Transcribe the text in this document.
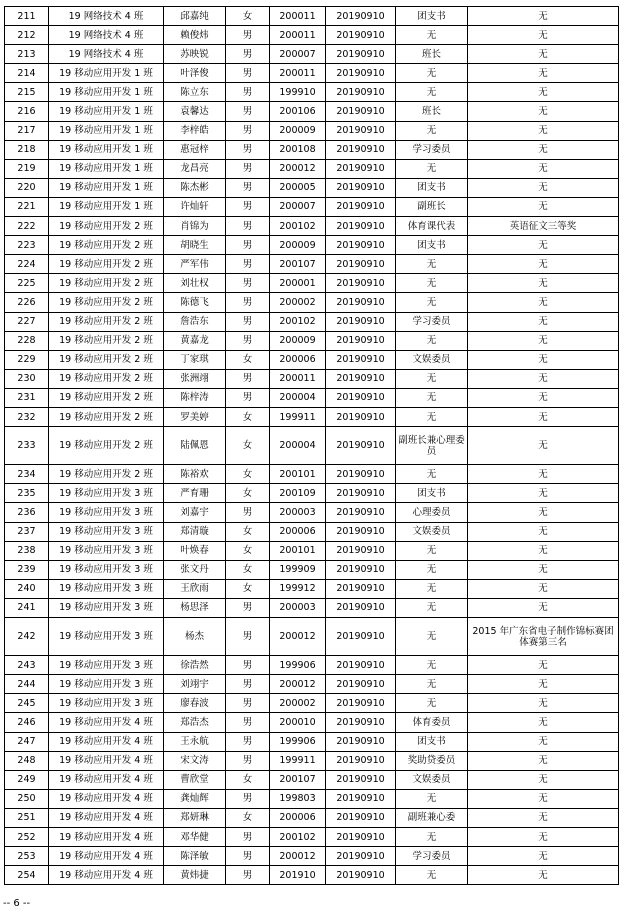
211	19 网络技术 4 班	邱嘉纯	女	200011	20190910	团支书	无
212	19 网络技术 4 班	赖俊炜	男	200011	20190910	无	无
213	19 网络技术 4 班	苏映锐	男	200007	20190910	班长	无
214	19 移动应用开发 1 班	叶泽俊	男	200011	20190910	无	无
215	19 移动应用开发 1 班	陈立东	男	199910	20190910	无	无
216	19 移动应用开发 1 班	袁馨达	男	200106	20190910	班长	无
217	19 移动应用开发 1 班	李梓皓	男	200009	20190910	无	无
218	19 移动应用开发 1 班	惠冠梓	男	200108	20190910	学习委员	无
219	19 移动应用开发 1 班	龙昌亮	男	200012	20190910	无	无
220	19 移动应用开发 1 班	陈杰彬	男	200005	20190910	团支书	无
221	19 移动应用开发 1 班	许灿轩	男	200007	20190910	副班长	无
222	19 移动应用开发 2 班	肖锦为	男	200102	20190910	体育课代表	英语征文三等奖
223	19 移动应用开发 2 班	胡晓生	男	200009	20190910	团支书	无
224	19 移动应用开发 2 班	严军伟	男	200107	20190910	无	无
225	19 移动应用开发 2 班	刘壮权	男	200001	20190910	无	无
226	19 移动应用开发 2 班	陈德飞	男	200002	20190910	无	无
227	19 移动应用开发 2 班	詹浩东	男	200102	20190910	学习委员	无
228	19 移动应用开发 2 班	黄嘉龙	男	200009	20190910	无	无
229	19 移动应用开发 2 班	丁家琪	女	200006	20190910	文娱委员	无
230	19 移动应用开发 2 班	张洲翊	男	200011	20190910	无	无
231	19 移动应用开发 2 班	陈梓涛	男	200004	20190910	无	无
232	19 移动应用开发 2 班	罗美婷	女	199911	20190910	无	无
233	19 移动应用开发 2 班	陆佩恩	女	200004	20190910	副班长兼心理委员	无
234	19 移动应用开发 2 班	陈裕欢	女	200101	20190910	无	无
235	19 移动应用开发 3 班	严育珊	女	200109	20190910	团支书	无
236	19 移动应用开发 3 班	刘嘉宇	男	200003	20190910	心理委员	无
237	19 移动应用开发 3 班	郑清璇	女	200006	20190910	文娱委员	无
238	19 移动应用开发 3 班	叶焕春	女	200101	20190910	无	无
239	19 移动应用开发 3 班	张文丹	女	199909	20190910	无	无
240	19 移动应用开发 3 班	王欣雨	女	199912	20190910	无	无
241	19 移动应用开发 3 班	杨思泽	男	200003	20190910	无	无
242	19 移动应用开发 3 班	杨杰	男	200012	20190910	无	2015 年广东省电子制作锦标赛团体赛第三名
243	19 移动应用开发 3 班	徐浩然	男	199906	20190910	无	无
244	19 移动应用开发 3 班	刘翊宇	男	200012	20190910	无	无
245	19 移动应用开发 3 班	廖春波	男	200002	20190910	无	无
246	19 移动应用开发 4 班	郑浩杰	男	200010	20190910	体育委员	无
247	19 移动应用开发 4 班	王永航	男	199906	20190910	团支书	无
248	19 移动应用开发 4 班	宋文涛	男	199911	20190910	奖助贷委员	无
249	19 移动应用开发 4 班	曹欣堂	女	200107	20190910	文娱委员	无
250	19 移动应用开发 4 班	龚灿辉	男	199803	20190910	无	无
251	19 移动应用开发 4 班	郑妍琳	女	200006	20190910	副班兼心委	无
252	19 移动应用开发 4 班	邓华健	男	200102	20190910	无	无
253	19 移动应用开发 4 班	陈泽敏	男	200012	20190910	学习委员	无
254	19 移动应用开发 4 班	黄炜捷	男	201910	20190910	无	无
-- 6 --
